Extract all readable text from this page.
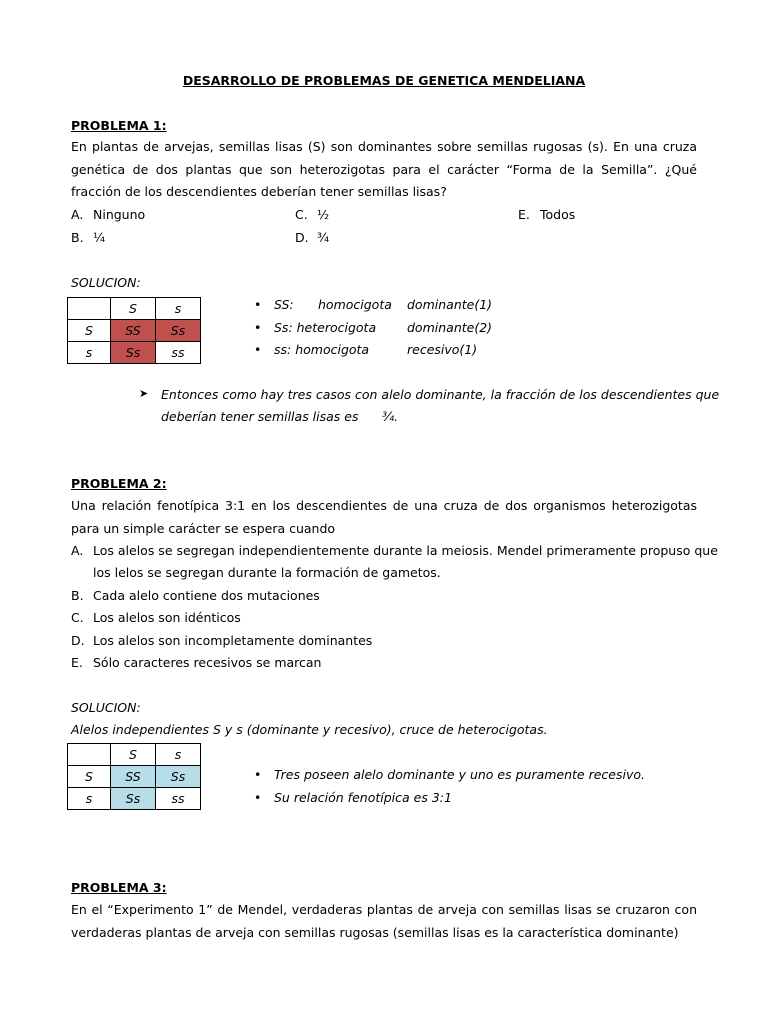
DESARROLLO DE PROBLEMAS DE GENETICA MENDELIANA
PROBLEMA 1:
En plantas de arvejas, semillas lisas (S) son dominantes sobre semillas rugosas (s). En una cruza genética de dos plantas que son heterozigotas para el carácter “Forma de la Semilla”. ¿Qué fracción de los descendientes deberían tener semillas lisas?
A. Ninguno
B. ¼
C. ½
D. ¾
E. Todos
SOLUCION:
	S	s
S	SS	Ss
s	Ss	ss
• SS: homocigota dominante(1)
• Ss: heterocigota dominante(2)
• ss: homocigota	recesivo(1)
➤ Entonces como hay tres casos con alelo dominante, la fracción de los descendientes que
deberían tener semillas lisas es ¾.
PROBLEMA 2:
Una relación fenotípica 3:1 en los descendientes de una cruza de dos organismos heterozigotas para un simple carácter se espera cuando
A. Los alelos se segregan independientemente durante la meiosis. Mendel primeramente propuso que
los lelos se segregan durante la formación de gametos.
B. Cada alelo contiene dos mutaciones
C. Los alelos son idénticos
D. Los alelos son incompletamente dominantes
E. Sólo caracteres recesivos se marcan
SOLUCION:
Alelos independientes S y s (dominante y recesivo), cruce de heterocigotas.
	S	s
S	SS	Ss
s	Ss	ss
• Tres poseen alelo dominante y uno es puramente recesivo.
• Su relación fenotípica es 3:1
PROBLEMA 3:
En el “Experimento 1” de Mendel, verdaderas plantas de arveja con semillas lisas se cruzaron con verdaderas plantas de arveja con semillas rugosas (semillas lisas es la característica dominante)
